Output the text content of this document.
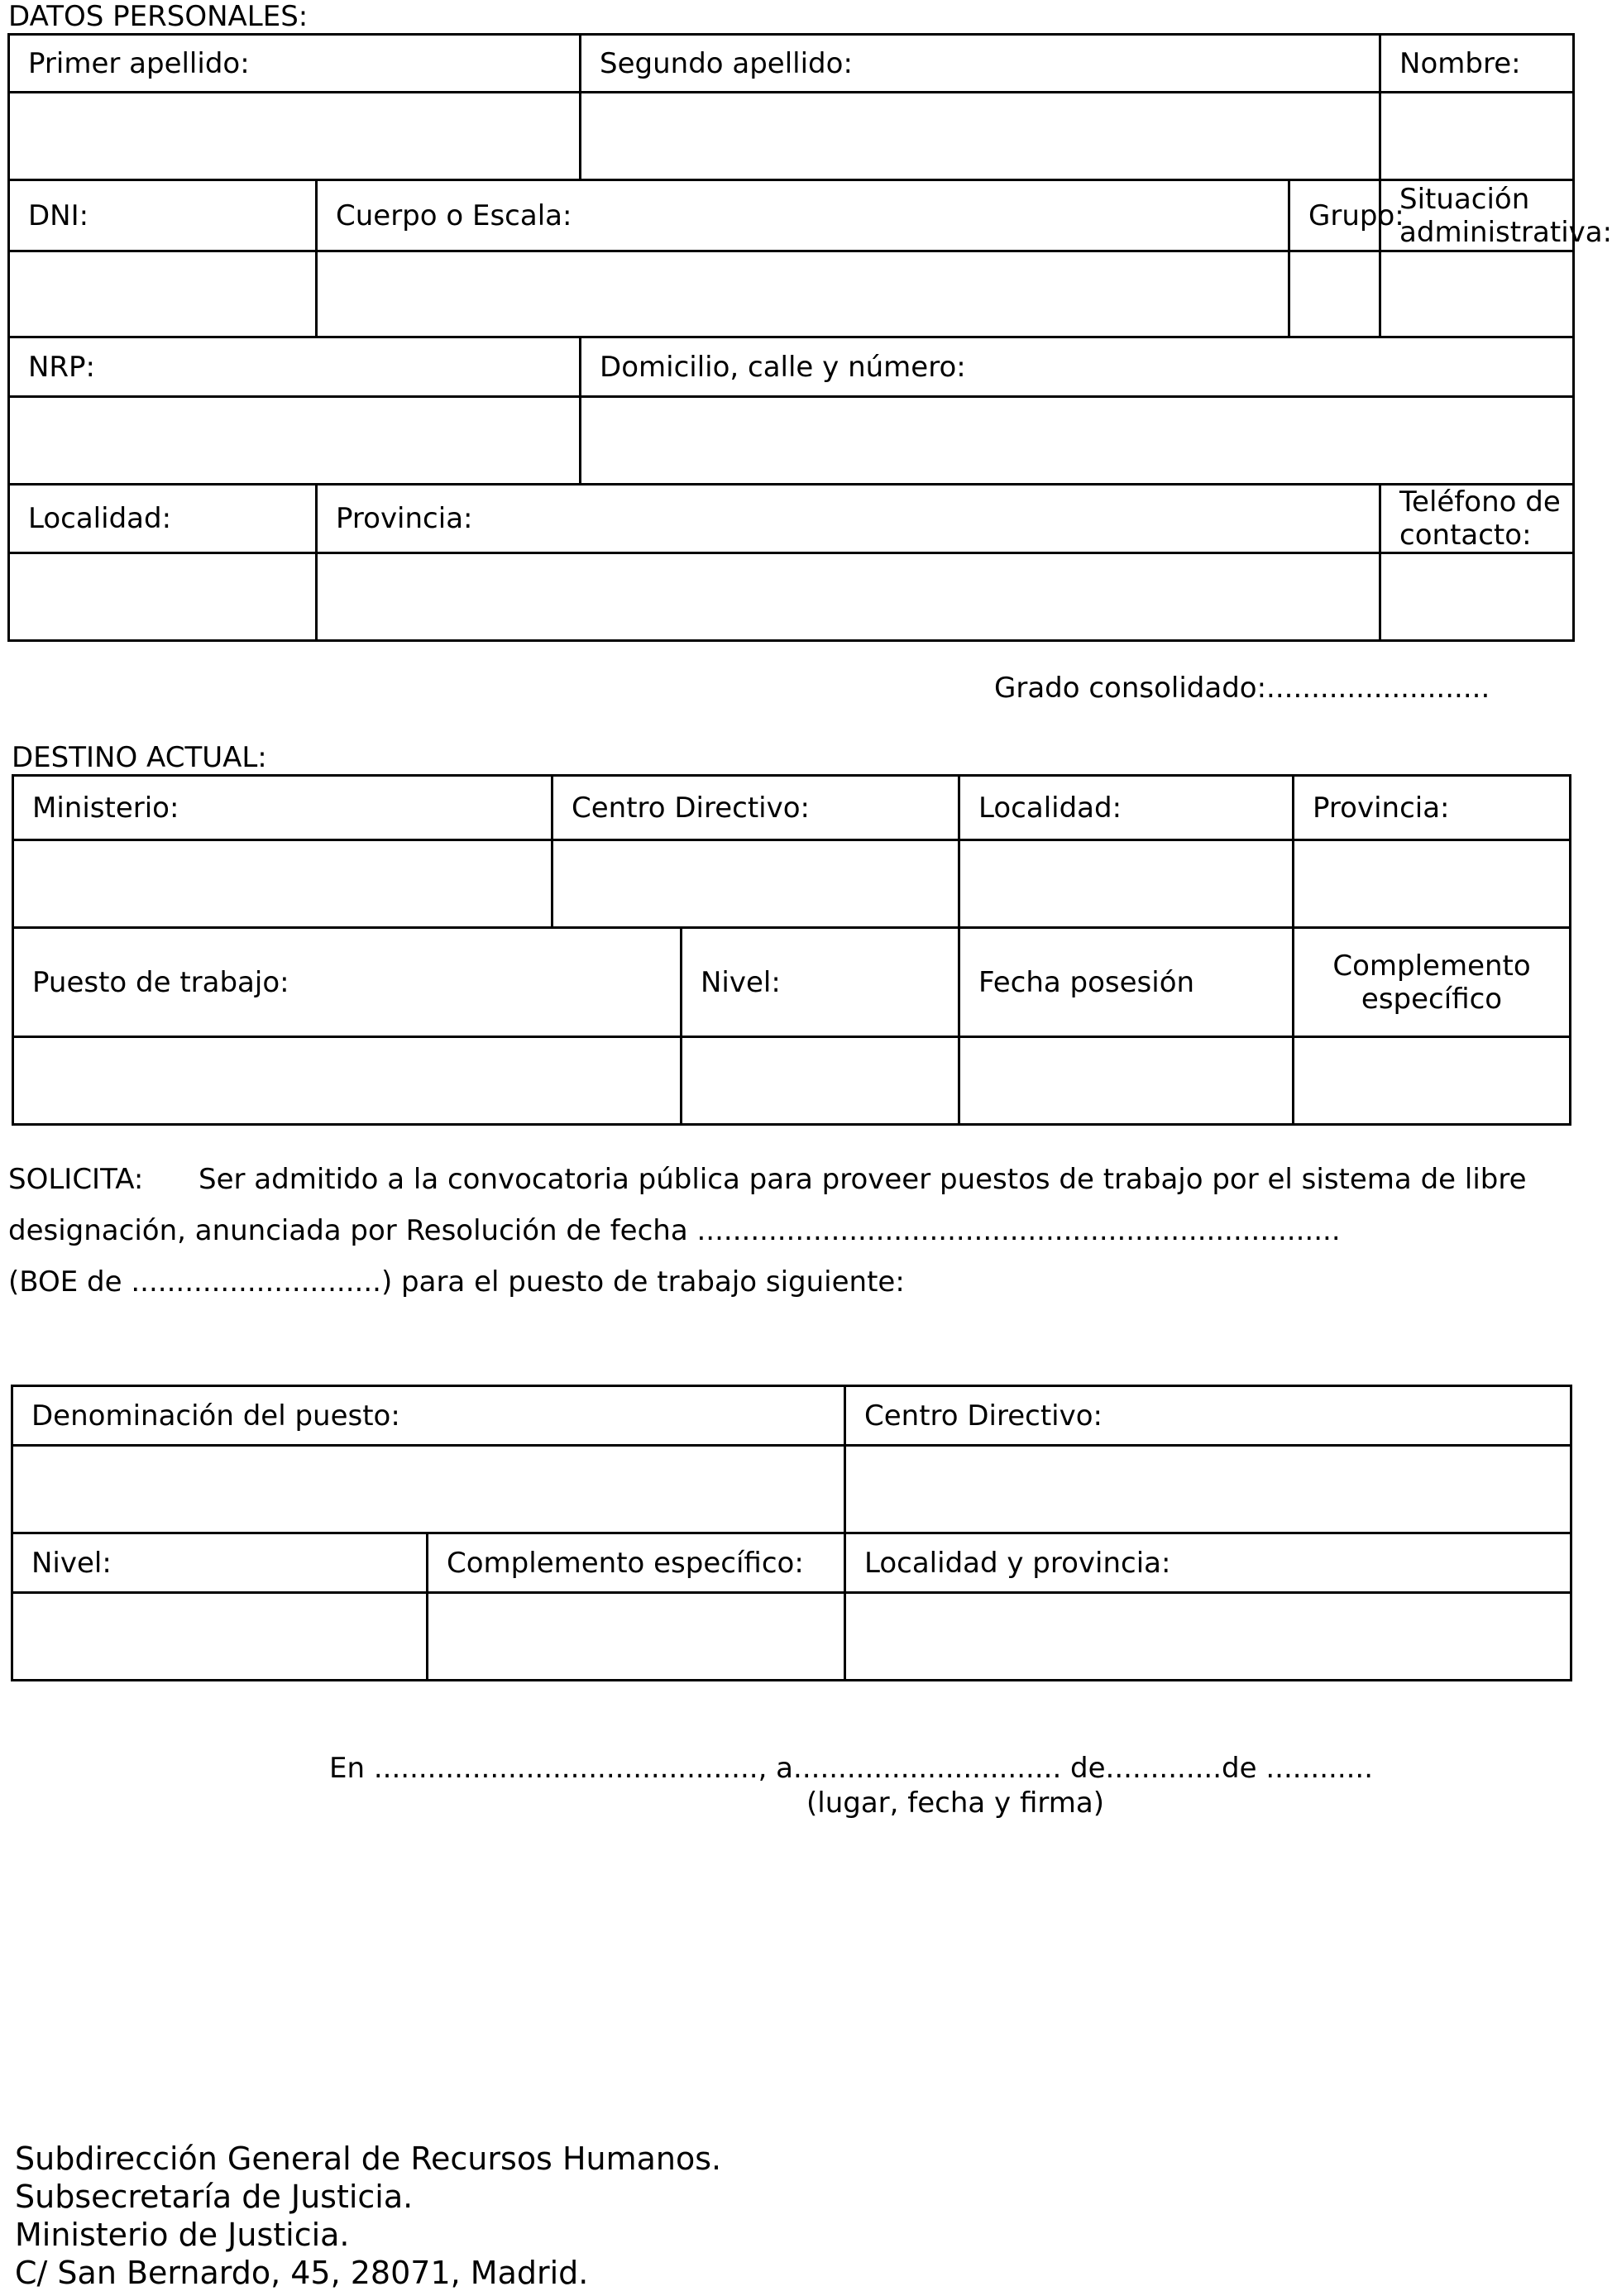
DATOS PERSONALES:
Primer apellido:		Segundo apellido:		Nombre:

DNI:	Cuerpo o Escala:		Grupo:	Situación
administrativa:

NRP:		Domicilio, calle y número:		

Localidad:	Provincia:			Teléfono de contacto:

Grado consolidado:.........................
DESTINO ACTUAL:
Ministerio:	Centro Directivo:		Localidad:	Provincia:

Puesto de trabajo:		Nivel:	Fecha posesión	Complemento
específico

SOLICITA: Ser admitido a la convocatoria pública para proveer puestos de trabajo por el sistema de libre
designación, anunciada por Resolución de fecha ........................................................................
(BOE de ............................) para el puesto de trabajo siguiente:
Denominación del puesto:		Centro Directivo:

Nivel:	Complemento específico:	Localidad y provincia:

En ..........................................., a.............................. de.............de ............
(lugar, fecha y firma)
Subdirección General de Recursos Humanos.
Subsecretaría de Justicia.
Ministerio de Justicia.
C/ San Bernardo, 45, 28071, Madrid.
